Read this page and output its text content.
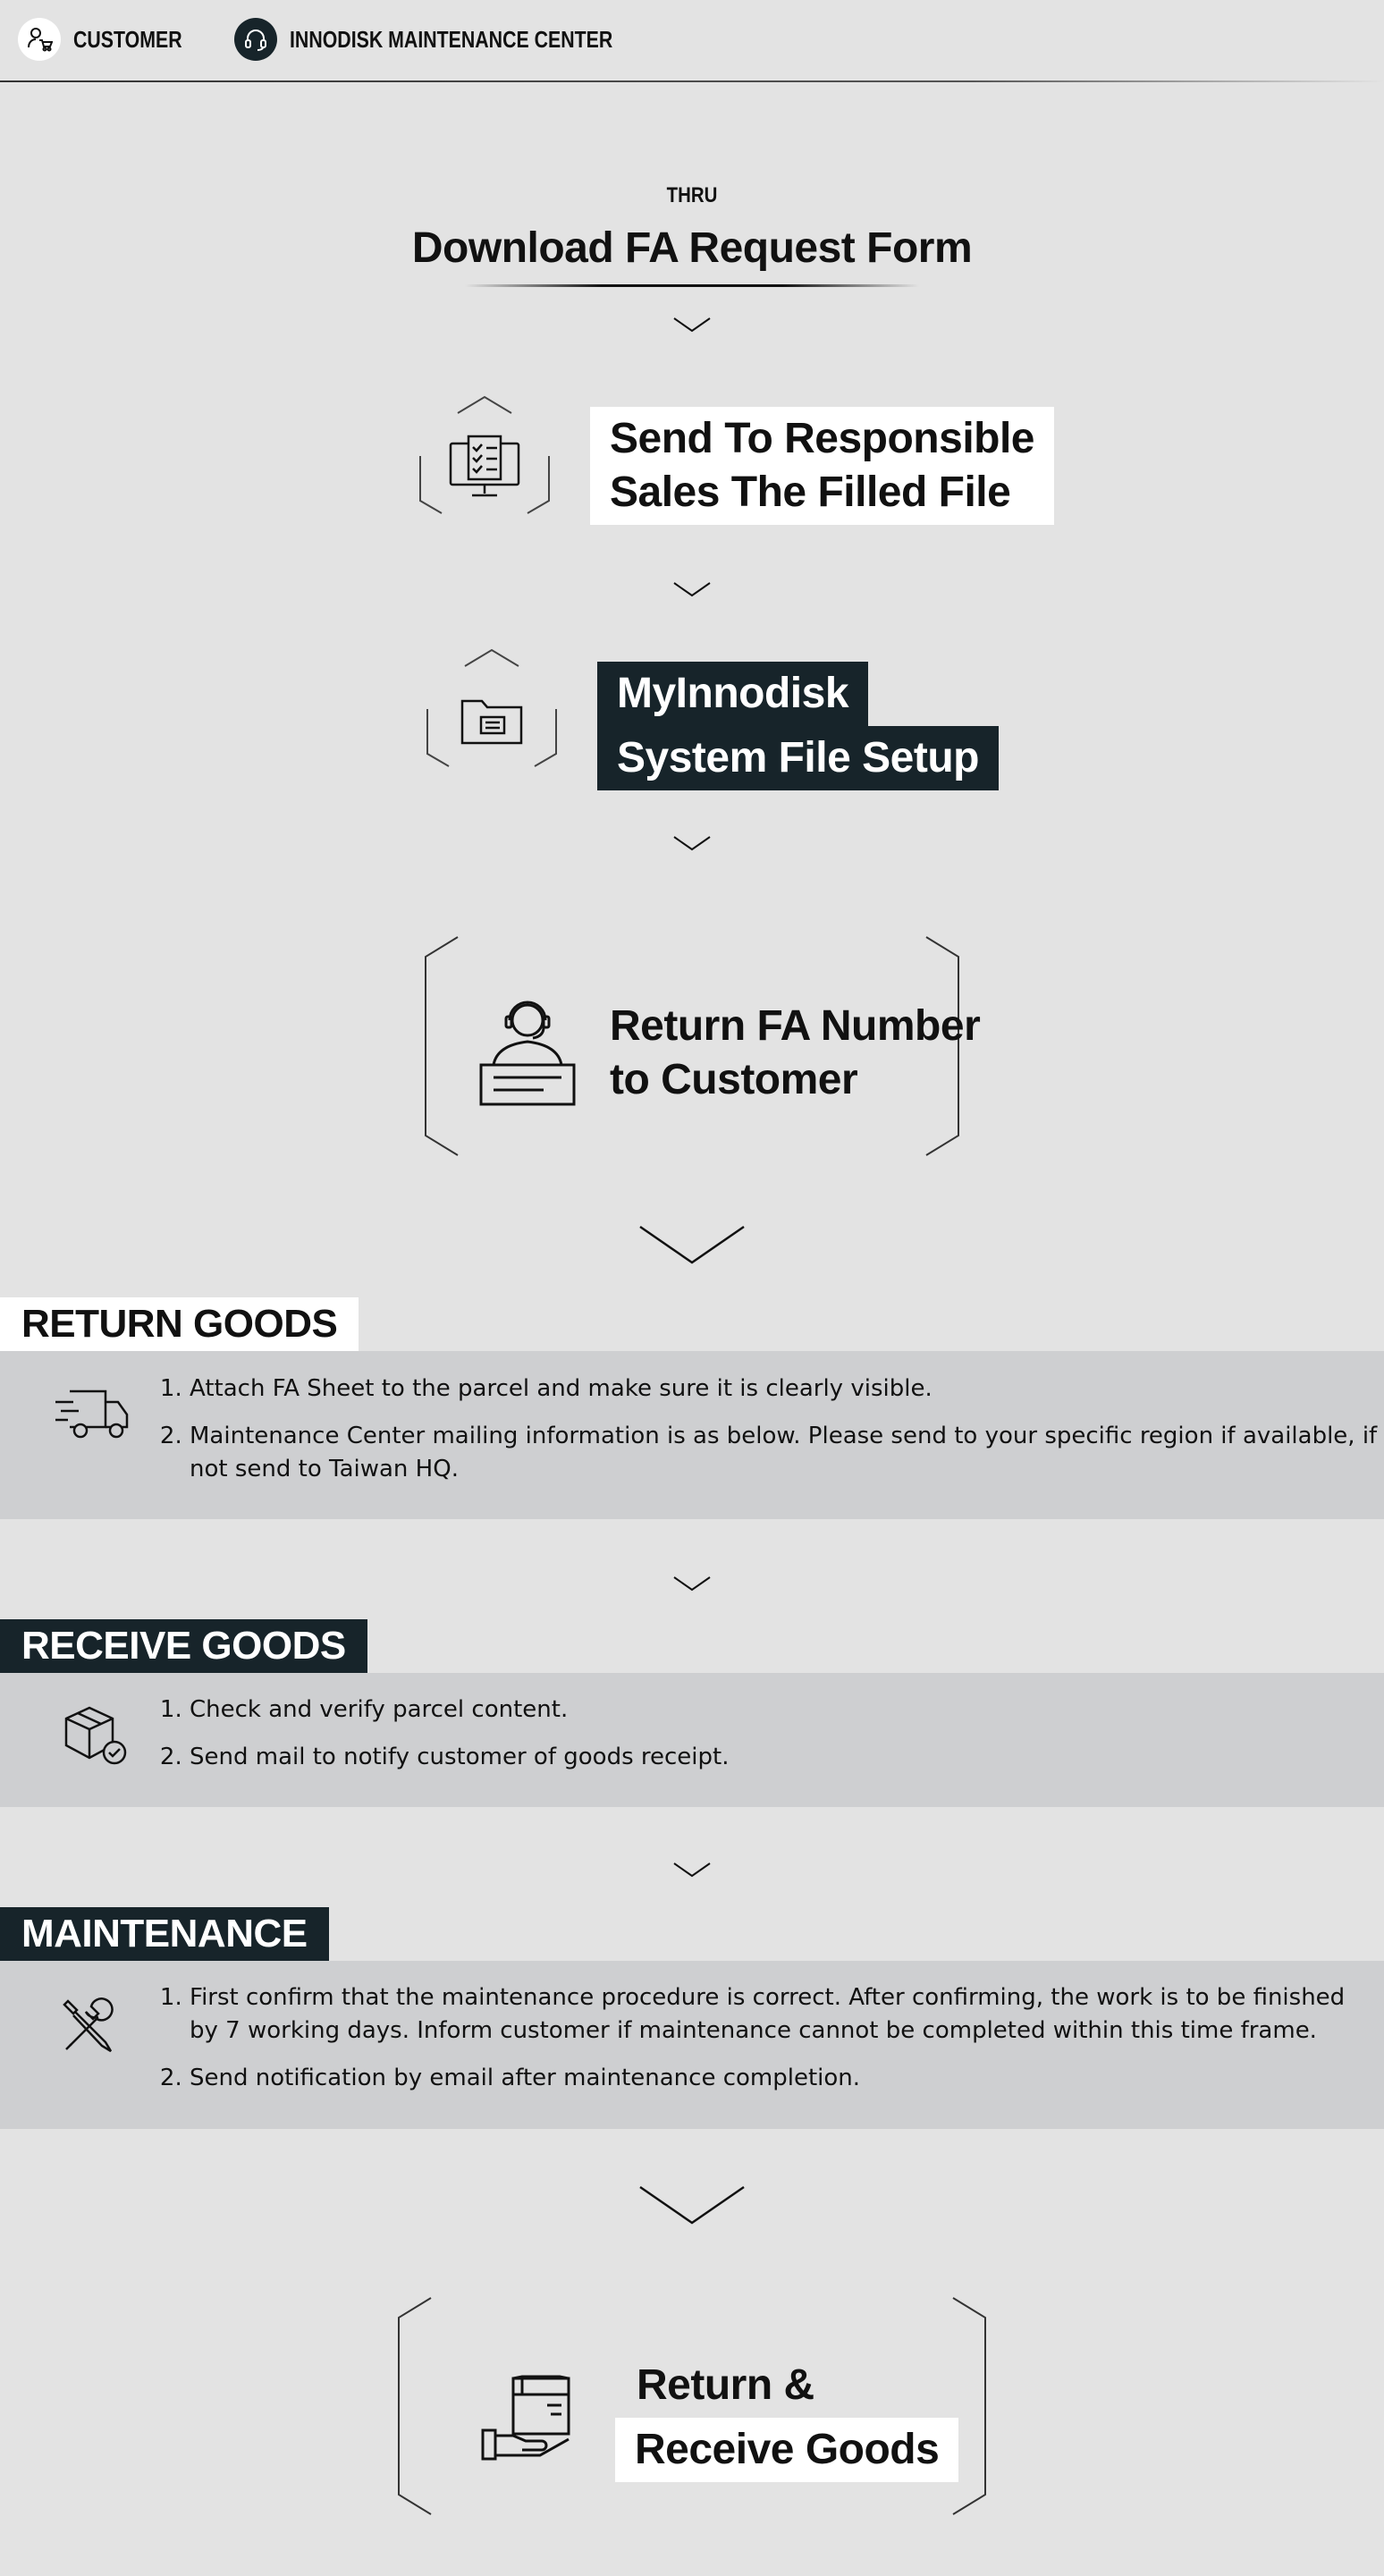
CUSTOMER	INNODISK MAINTENANCE CENTER
THRU
Download FA Request Form
Send To Responsible
Sales The Filled File
MyInnodisk
System File Setup
Return FA Number
to Customer
RETURN GOODS
1. Attach FA Sheet to the parcel and make sure it is clearly visible.
2. Maintenance Center mailing information is as below. Please send to your specific region if available, if not send to Taiwan HQ.
RECEIVE GOODS
1. Check and verify parcel content.
2. Send mail to notify customer of goods receipt.
MAINTENANCE
1. First confirm that the maintenance procedure is correct. After confirming, the work is to be finished by 7 working days. Inform customer if maintenance cannot be completed within this time frame.
2. Send notification by email after maintenance completion.
Return &
Receive Goods
